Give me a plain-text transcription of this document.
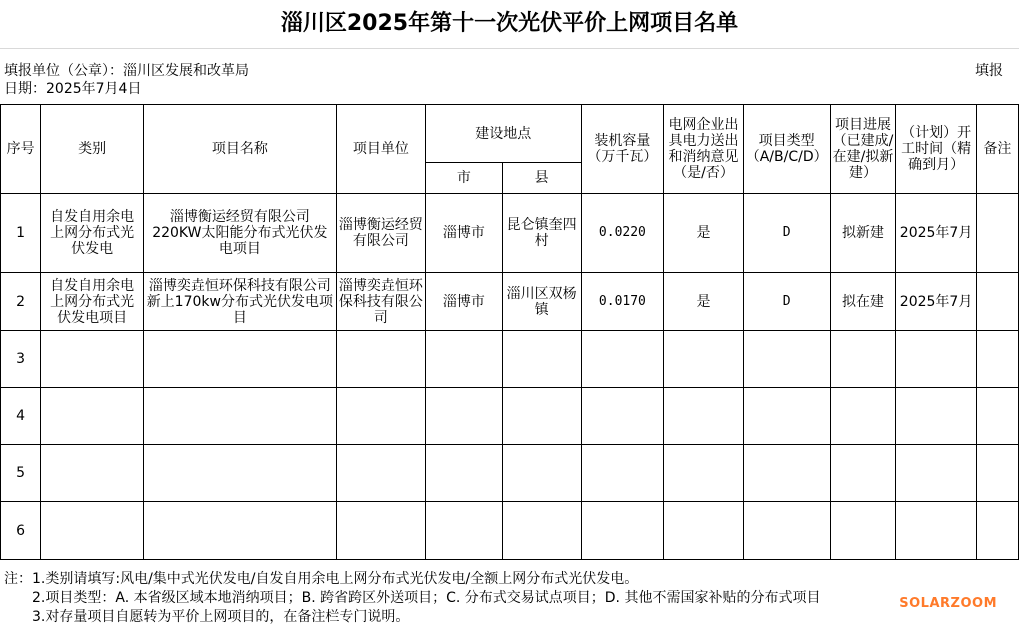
淄川区2025年第十一次光伏平价上网项目名单
填报单位（公章）：淄川区发展和改革局	填报
日期：2025年7月4日
序号	类别	项目名称	项目单位	建设地点		装机容量（万千瓦）	电网企业出具电力送出和消纳意见（是/否）	项目类型（A/B/C/D）	项目进展（已建成/在建/拟新建）	（计划）开工时间（精确到月）	备注
				市	县						
1	自发自用余电上网分布式光伏发电	淄博衡运经贸有限公司220KW太阳能分布式光伏发电项目	淄博衡运经贸有限公司	淄博市	昆仑镇奎四村	0.0220	是	D	拟新建	2025年7月	
2	自发自用余电上网分布式光伏发电项目	淄博奕垚恒环保科技有限公司新上170kw分布式光伏发电项目	淄博奕垚恒环保科技有限公司	淄博市	淄川区双杨镇	0.0170	是	D	拟在建	2025年7月	
3											
4											
5											
6											
注：1.类别请填写:风电/集中式光伏发电/自发自用余电上网分布式光伏发电/全额上网分布式光伏发电。
　　2.项目类型：A. 本省级区域本地消纳项目；B. 跨省跨区外送项目；C. 分布式交易试点项目；D. 其他不需国家补贴的分布式项目
　　3.对存量项目自愿转为平价上网项目的，在备注栏专门说明。
SOLARZOOM
